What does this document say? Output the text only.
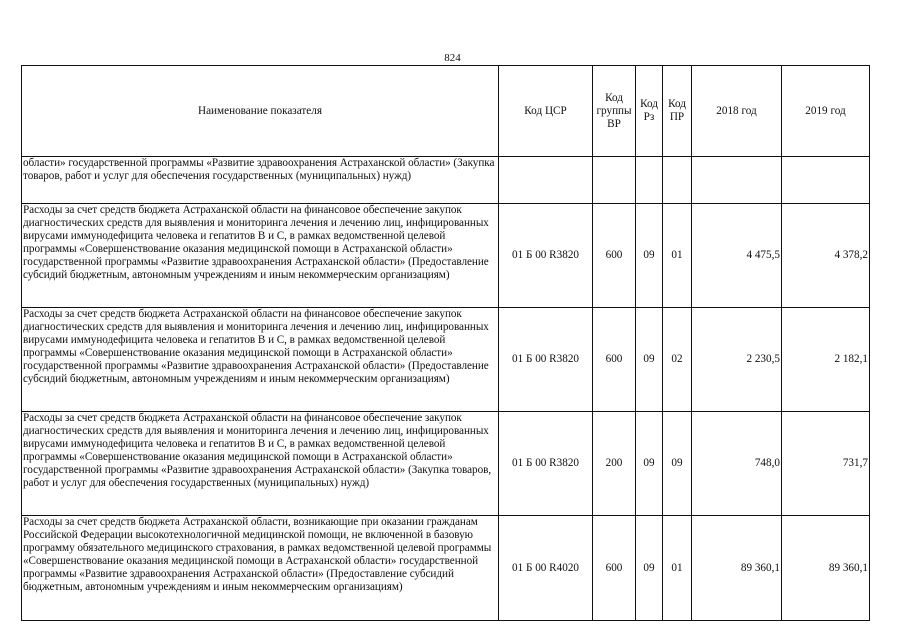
824
Наименование показателя	Код ЦСР	Код группы ВР	Код Рз	Код ПР	2018 год	2019 год
области» государственной программы «Развитие здравоохранения Астраханской области» (Закупка товаров, работ и услуг для обеспечения государственных (муниципальных) нужд)						
Расходы за счет средств бюджета Астраханской области на финансовое обеспечение закупок диагностических средств для выявления и мониторинга лечения и лечению лиц, инфицированных вирусами иммунодефицита человека и гепатитов B и C, в рамках ведомственной целевой программы «Совершенствование оказания медицинской помощи в Астраханской области» государственной программы «Развитие здравоохранения Астраханской области» (Предоставление субсидий бюджетным, автономным учреждениям и иным некоммерческим организациям)	01 Б 00 R3820	600	09	01	4 475,5	4 378,2
Расходы за счет средств бюджета Астраханской области на финансовое обеспечение закупок диагностических средств для выявления и мониторинга лечения и лечению лиц, инфицированных вирусами иммунодефицита человека и гепатитов B и C, в рамках ведомственной целевой программы «Совершенствование оказания медицинской помощи в Астраханской области» государственной программы «Развитие здравоохранения Астраханской области» (Предоставление субсидий бюджетным, автономным учреждениям и иным некоммерческим организациям)	01 Б 00 R3820	600	09	02	2 230,5	2 182,1
Расходы за счет средств бюджета Астраханской области на финансовое обеспечение закупок диагностических средств для выявления и мониторинга лечения и лечению лиц, инфицированных вирусами иммунодефицита человека и гепатитов B и C, в рамках ведомственной целевой программы «Совершенствование оказания медицинской помощи в Астраханской области» государственной программы «Развитие здравоохранения Астраханской области» (Закупка товаров, работ и услуг для обеспечения государственных (муниципальных) нужд)	01 Б 00 R3820	200	09	09	748,0	731,7
Расходы за счет средств бюджета Астраханской области, возникающие при оказании гражданам Российской Федерации высокотехнологичной медицинской помощи, не включенной в базовую программу обязательного медицинского страхования, в рамках ведомственной целевой программы «Совершенствование оказания медицинской помощи в Астраханской области» государственной программы «Развитие здравоохранения Астраханской области» (Предоставление субсидий бюджетным, автономным учреждениям и иным некоммерческим организациям)	01 Б 00 R4020	600	09	01	89 360,1	89 360,1
